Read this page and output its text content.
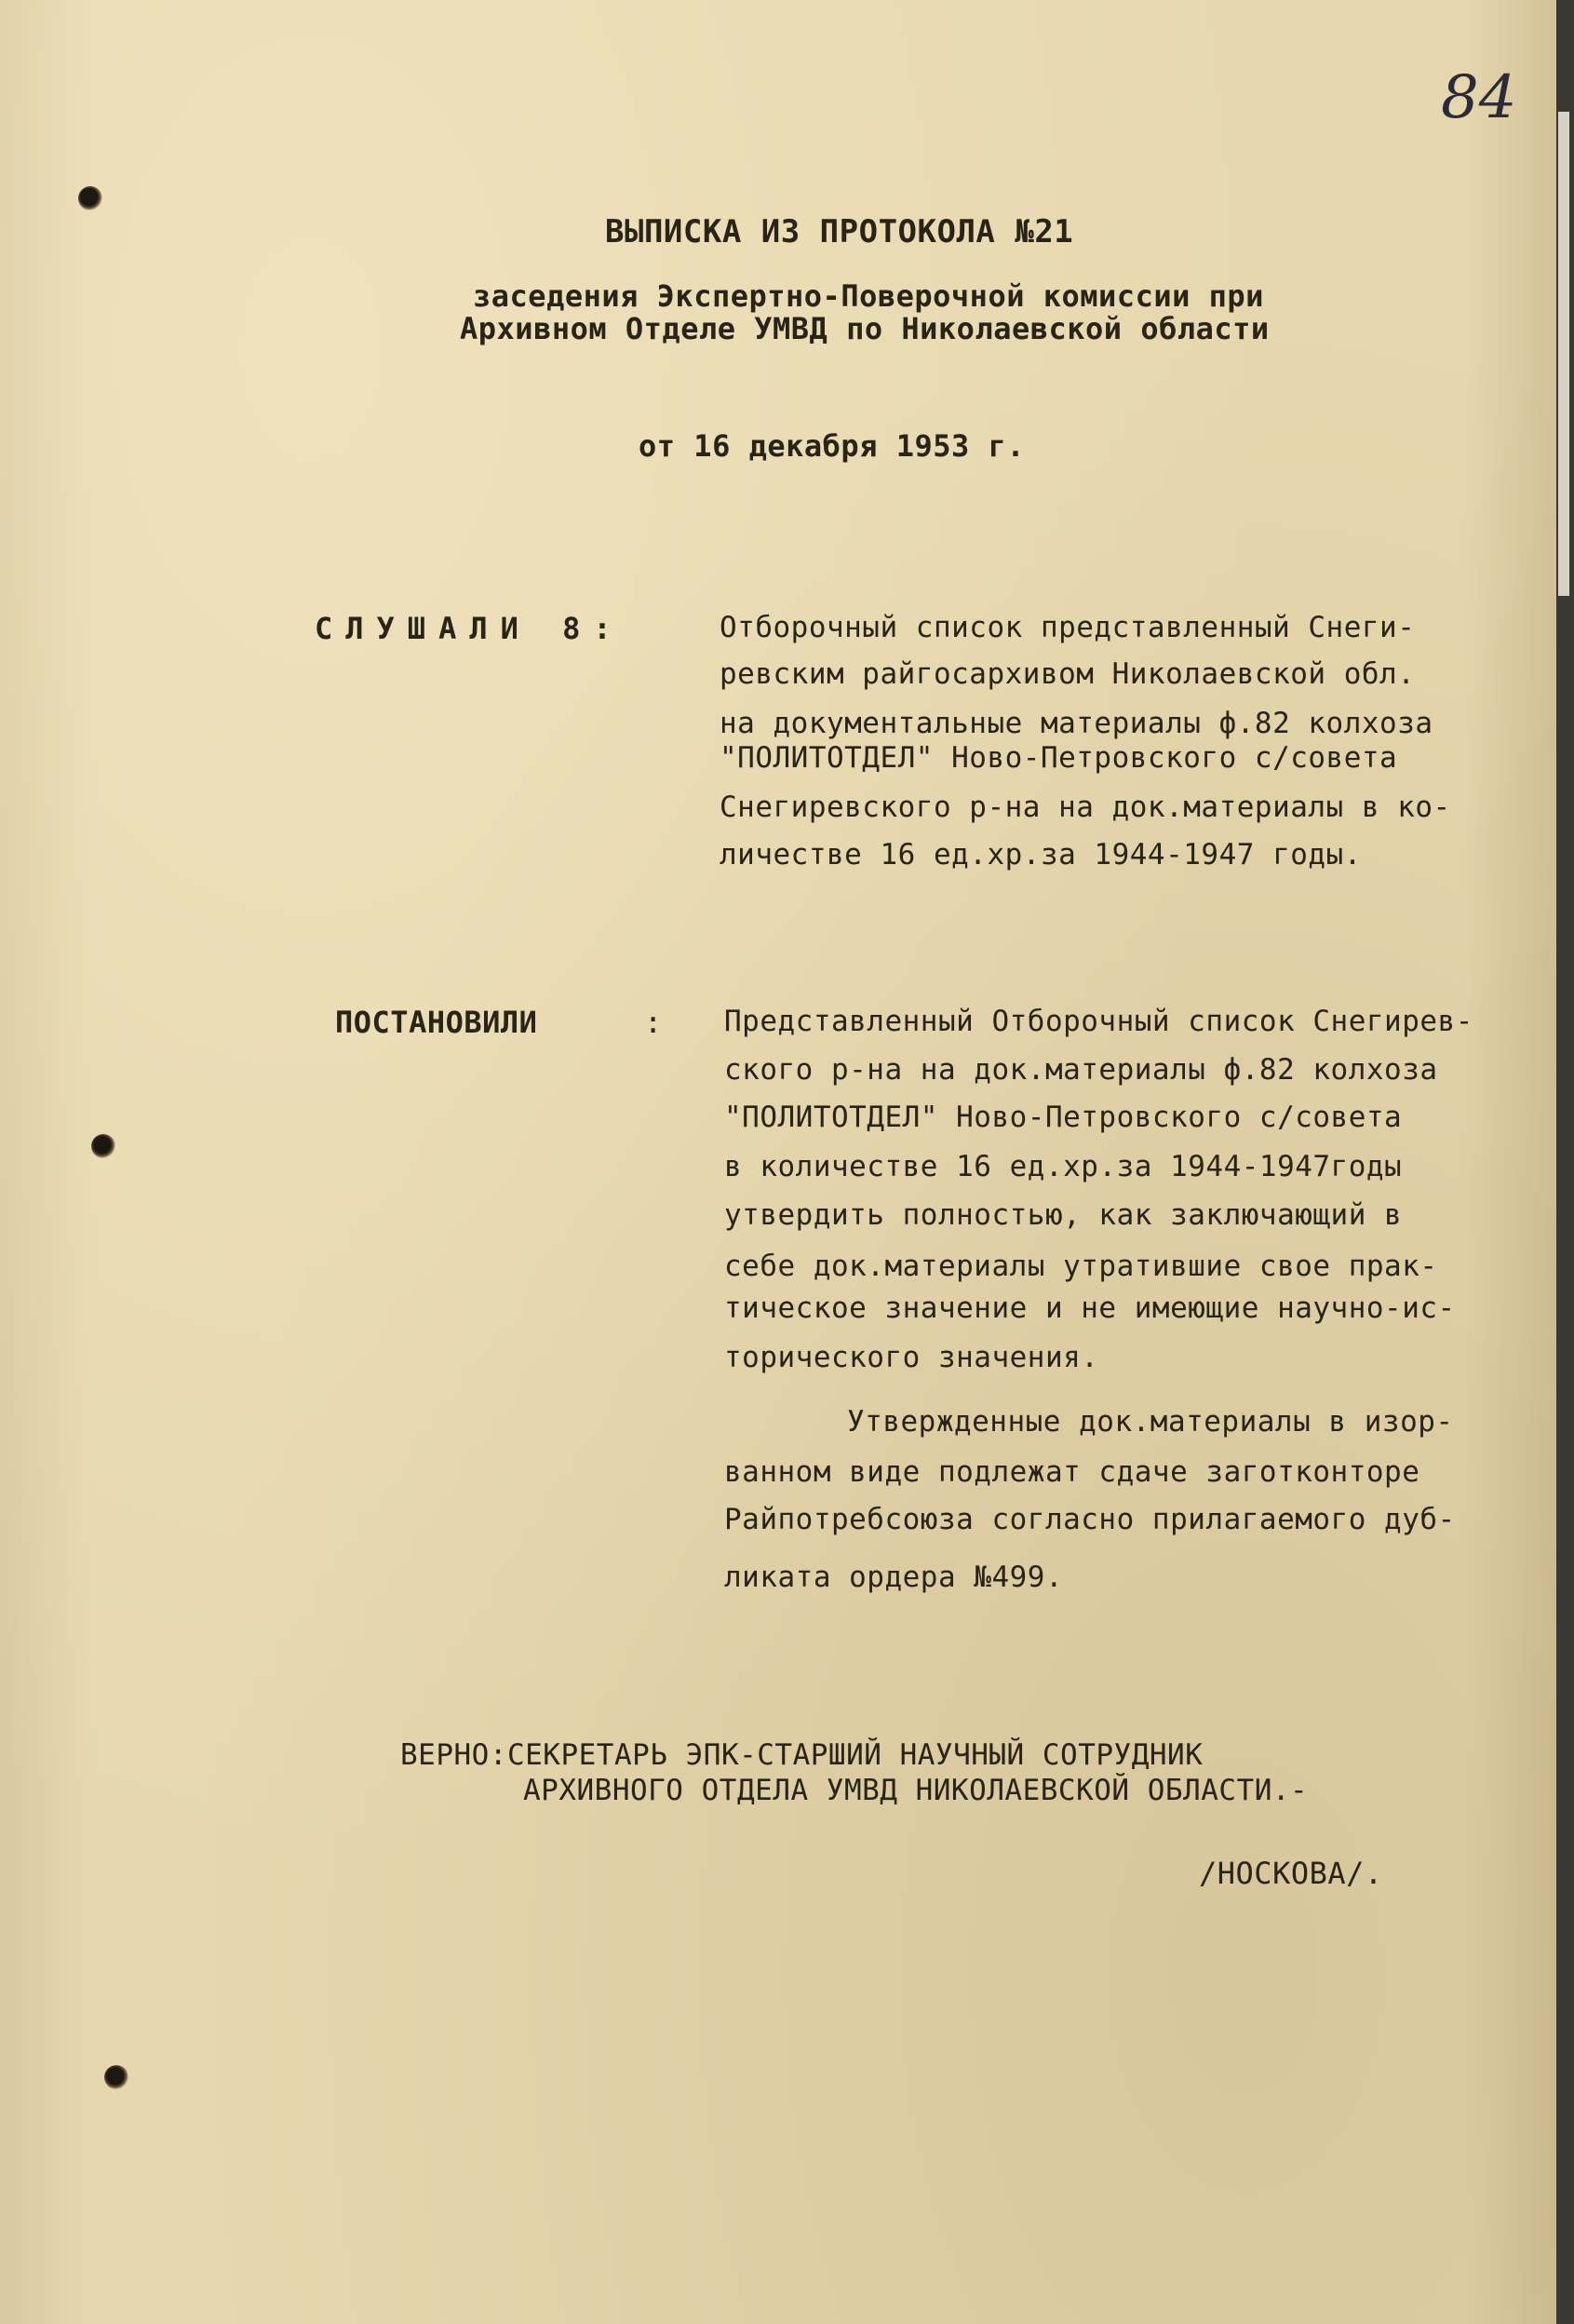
84
ВЫПИСКА ИЗ ПРОТОКОЛА №21
заседения Экспертно-Поверочной комиссии при
Архивном Отделе УМВД по Николаевской области
от 16 декабря 1953 г.
СЛУШАЛИ 8:	Отборочный список представленный Снеги-
ревским райгосархивом Николаевской обл.
на документальные материалы ф.82 колхоза
"ПОЛИТОТДЕЛ" Ново-Петровского с/совета
Снегиревского р-на на док.материалы в ко-
личестве 16 ед.хр.за 1944-1947 годы.
ПОСТАНОВИЛИ	: Представленный Отборочный список Снегирев-
ского р-на на док.материалы ф.82 колхоза
"ПОЛИТОТДЕЛ" Ново-Петровского с/совета
в количестве 16 ед.хр.за 1944-1947годы
утвердить полностью, как заключающий в
себе док.материалы утратившие свое прак-
тическое значение и не имеющие научно-ис-
торического значения.
Утвержденные док.материалы в изор-
ванном виде подлежат сдаче заготконторе
Райпотребсоюза согласно прилагаемого дуб-
ликата ордера №499.
ВЕРНО:СЕКРЕТАРЬ ЭПК-СТАРШИЙ НАУЧНЫЙ СОТРУДНИК
АРХИВНОГО ОТДЕЛА УМВД НИКОЛАЕВСКОЙ ОБЛАСТИ.-
/НОСКОВА/.
